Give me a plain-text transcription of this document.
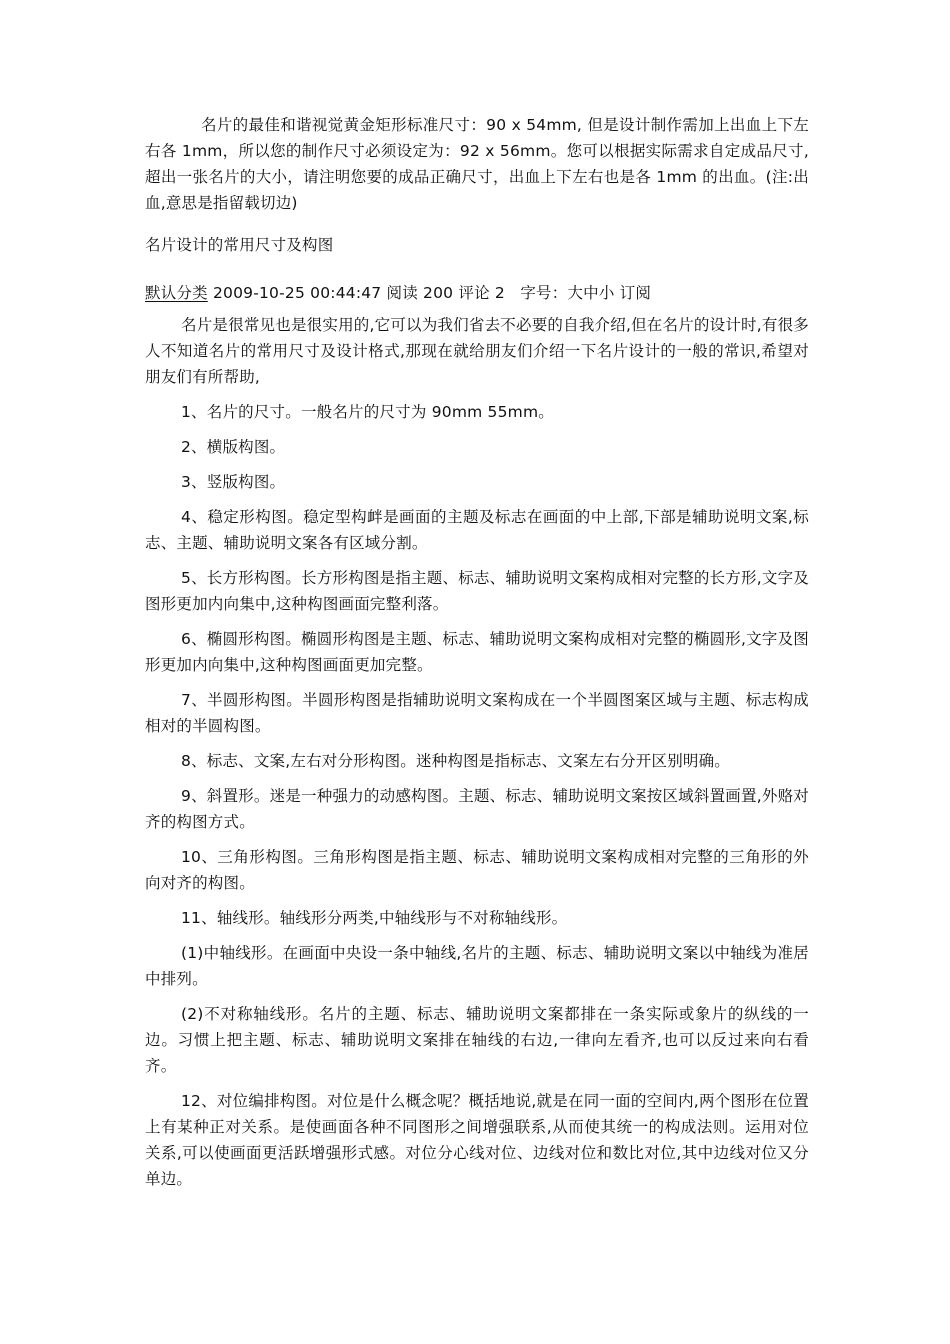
名片的最佳和谐视觉黄金矩形标准尺寸：90 x 54mm, 但是设计制作需加上出血上下左右各 1mm，所以您的制作尺寸必须设定为：92 x 56mm。您可以根据实际需求自定成品尺寸,超出一张名片的大小，请注明您要的成品正确尺寸，出血上下左右也是各 1mm 的出血。(注:出血,意思是指留载切边)

名片设计的常用尺寸及构图

默认分类 2009-10-25 00:44:47 阅读 200 评论 2 字号：大中小 订阅

名片是很常见也是很实用的,它可以为我们省去不必要的自我介绍,但在名片的设计时,有很多人不知道名片的常用尺寸及设计格式,那现在就给朋友们介绍一下名片设计的一般的常识,希望对朋友们有所帮助,

1、名片的尺寸。一般名片的尺寸为 90mm 55mm。

2、横版构图。

3、竖版构图。

4、稳定形构图。稳定型构衅是画面的主题及标志在画面的中上部,下部是辅助说明文案,标志、主题、辅助说明文案各有区域分割。

5、长方形构图。长方形构图是指主题、标志、辅助说明文案构成相对完整的长方形,文字及图形更加内向集中,这种构图画面完整利落。

6、椭圆形构图。椭圆形构图是主题、标志、辅助说明文案构成相对完整的椭圆形,文字及图形更加内向集中,这种构图画面更加完整。

7、半圆形构图。半圆形构图是指辅助说明文案构成在一个半圆图案区域与主题、标志构成相对的半圆构图。

8、标志、文案,左右对分形构图。迷种构图是指标志、文案左右分开区别明确。

9、斜置形。迷是一种强力的动感构图。主题、标志、辅助说明文案按区域斜置画置,外赂对齐的构图方式。

10、三角形构图。三角形构图是指主题、标志、辅助说明文案构成相对完整的三角形的外向对齐的构图。

11、轴线形。轴线形分两类,中轴线形与不对称轴线形。

(1)中轴线形。在画面中央设一条中轴线,名片的主题、标志、辅助说明文案以中轴线为准居中排列。

(2)不对称轴线形。名片的主题、标志、辅助说明文案都排在一条实际或象片的纵线的一边。习惯上把主题、标志、辅助说明文案排在轴线的右边,一律向左看齐,也可以反过来向右看齐。

12、对位编排构图。对位是什么概念呢？概括地说,就是在同一面的空间内,两个图形在位置上有某种正对关系。是使画面各种不同图形之间增强联系,从而使其统一的构成法则。运用对位关系,可以使画面更活跃增强形式感。对位分心线对位、边线对位和数比对位,其中边线对位又分单边。
